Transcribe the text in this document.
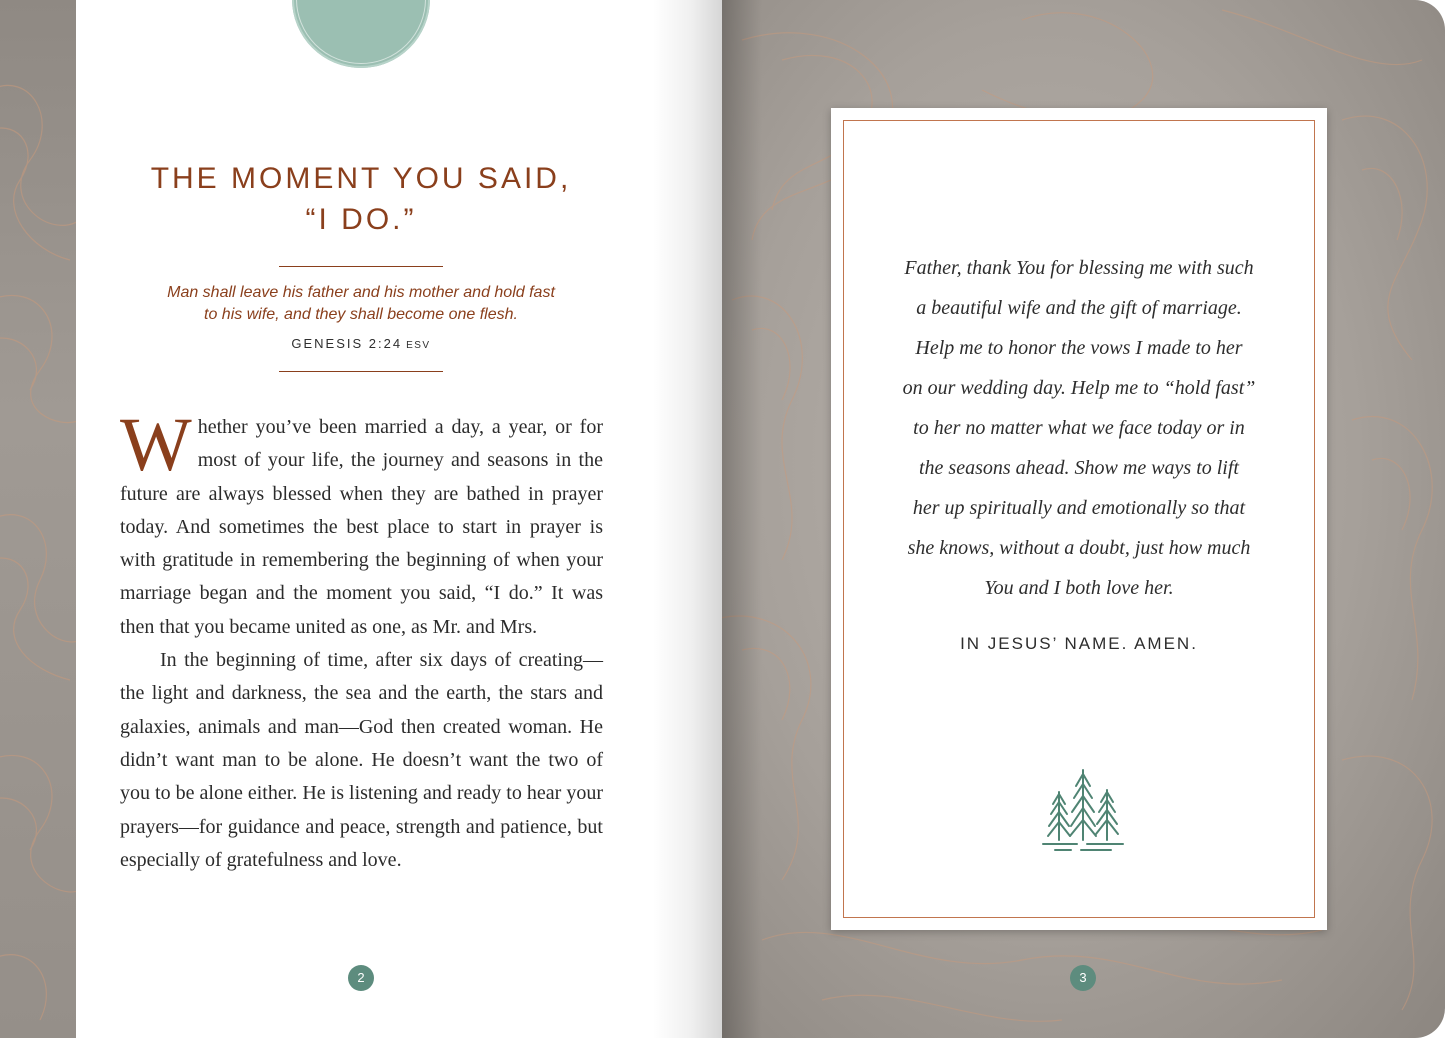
THE MOMENT YOU SAID,
“I DO.”
Man shall leave his father and his mother and hold fast
to his wife, and they shall become one flesh.
GENESIS 2:24 ESV

Whether you’ve been married a day, a year, or for most of your life, the journey and seasons in the future are always blessed when they are bathed in prayer today. And sometimes the best place to start in prayer is with gratitude in remembering the beginning of when your marriage began and the moment you said, “I do.” It was then that you became united as one, as Mr. and Mrs.

In the beginning of time, after six days of creating—the light and darkness, the sea and the earth, the stars and galaxies, animals and man—God then created woman. He didn’t want man to be alone. He doesn’t want the two of you to be alone either. He is listening and ready to hear your prayers—for guidance and peace, strength and patience, but especially of gratefulness and love.

2
Father, thank You for blessing me with such
a beautiful wife and the gift of marriage.
Help me to honor the vows I made to her
on our wedding day. Help me to “hold fast”
to her no matter what we face today or in
the seasons ahead. Show me ways to lift
her up spiritually and emotionally so that
she knows, without a doubt, just how much
You and I both love her.
IN JESUS’ NAME. AMEN.
3
